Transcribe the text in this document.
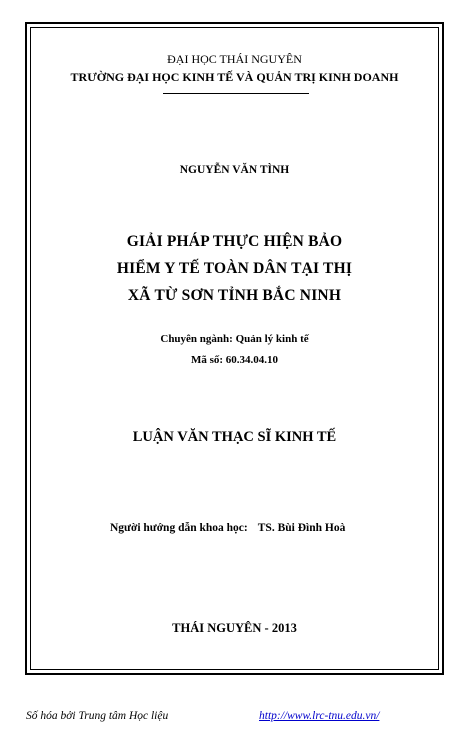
ĐẠI HỌC THÁI NGUYÊN
TRƯỜNG ĐẠI HỌC KINH TẾ VÀ QUẢN TRỊ KINH DOANH
NGUYỄN VĂN TÌNH
GIẢI PHÁP THỰC HIỆN BẢO
HIỂM Y TẾ TOÀN DÂN TẠI THỊ
XÃ TỪ SƠN TỈNH BẮC NINH
Chuyên ngành: Quản lý kinh tế
Mã số: 60.34.04.10
LUẬN VĂN THẠC SĨ KINH TẾ
Người hướng dẫn khoa học: TS. Bùi Đình Hoà
THÁI NGUYÊN - 2013
Số hóa bởi Trung tâm Học liệu	http://www.lrc-tnu.edu.vn/
